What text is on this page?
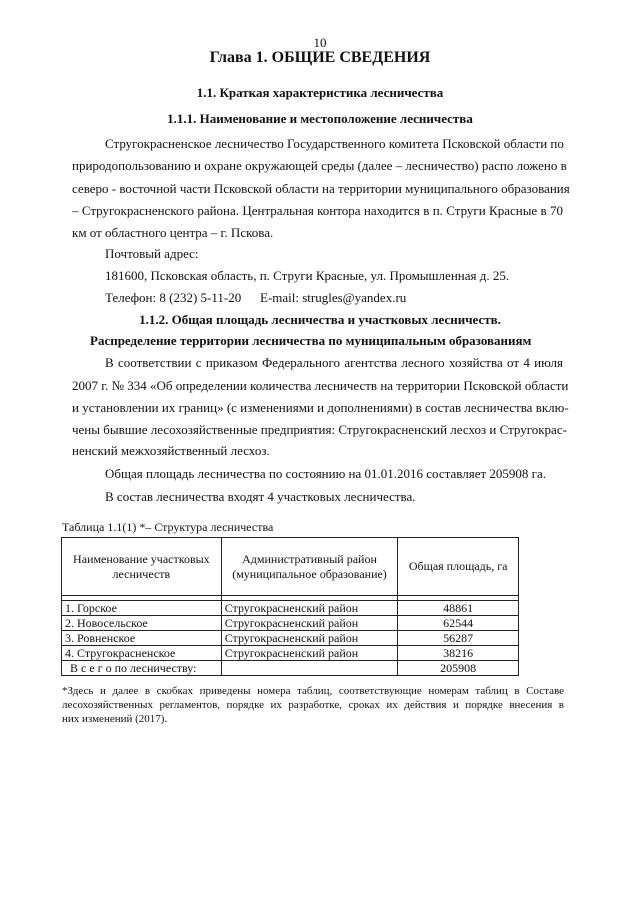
10
Глава 1. ОБЩИЕ СВЕДЕНИЯ
1.1. Краткая характеристика лесничества
1.1.1. Наименование и местоположение лесничества
Стругокрасненское лесничество Государственного комитета Псковской области по
природопользованию и охране окружающей среды (далее – лесничество) распо ложено в
северо - восточной части Псковской области на территории муниципального образования
– Стругокрасненского района. Центральная контора находится в п. Струги Красные в 70
км от областного центра – г. Пскова.
Почтовый адрес:
181600, Псковская область, п. Струги Красные, ул. Промышленная д. 25.
Телефон: 8 (232) 5-11-20 E-mail: strugles@yandex.ru
1.1.2. Общая площадь лесничества и участковых лесничеств.
Распределение территории лесничества по муниципальным образованиям
В соответствии с приказом Федерального агентства лесного хозяйства от 4 июля
2007 г. № 334 «Об определении количества лесничеств на территории Псковской области
и установлении их границ» (с изменениями и дополнениями) в состав лесничества вклю-
чены бывшие лесохозяйственные предприятия: Стругокрасненский лесхоз и Стругокрас-
ненский межхозяйственный лесхоз.
Общая площадь лесничества по состоянию на 01.01.2016 составляет 205908 га.
В состав лесничества входят 4 участковых лесничества.
Таблица 1.1(1) *– Структура лесничества
Наименование участковых лесничеств	Административный район (муниципальное образование)	Общая площадь, га

1. Горское	Стругокрасненский район	48861
2. Новосельское	Стругокрасненский район	62544
3. Ровненское	Стругокрасненский район	56287
4. Стругокрасненское	Стругокрасненский район	38216
В с е г о по лесничеству:		205908
*Здесь и далее в скобках приведены номера таблиц, соответствующие номерам таблиц в Составе
лесохозяйственных регламентов, порядке их разработке, сроках их действия и порядке внесения в
них изменений (2017).
